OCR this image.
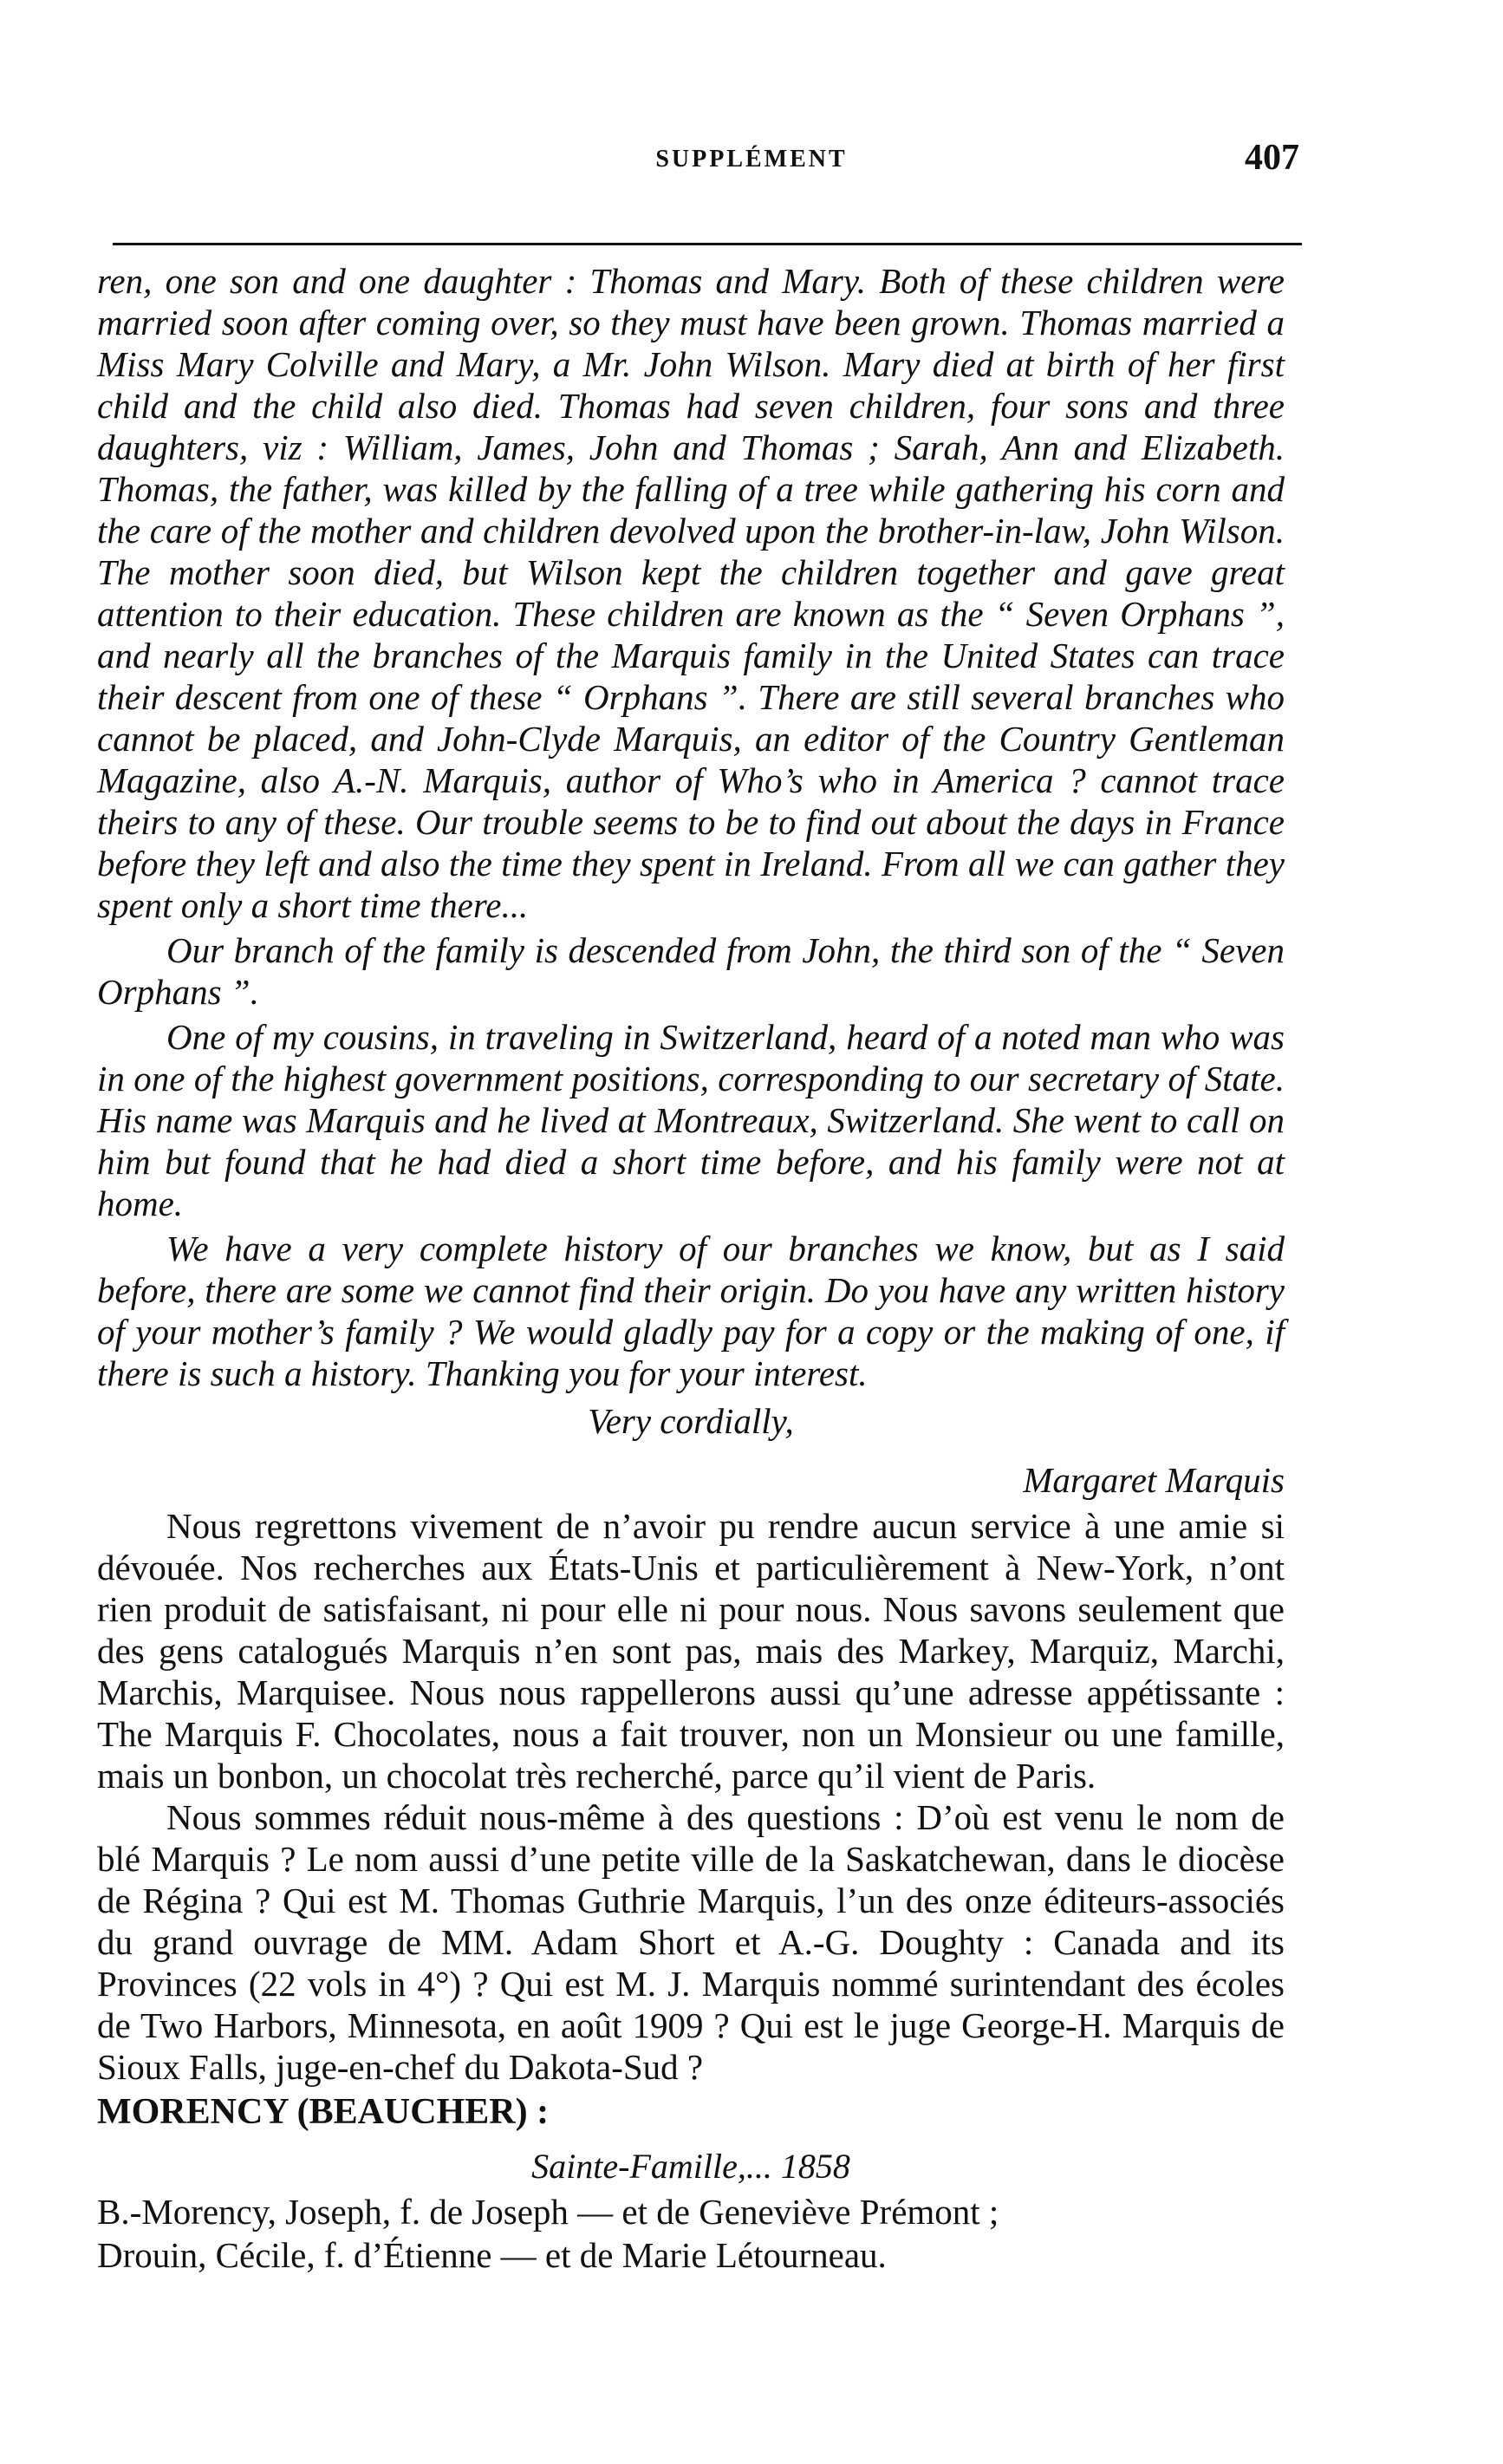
SUPPLÉMENT	407

ren, one son and one daughter : Thomas and Mary. Both of these children were married soon after coming over, so they must have been grown. Thomas married a Miss Mary Colville and Mary, a Mr. John Wilson. Mary died at birth of her first child and the child also died. Thomas had seven children, four sons and three daughters, viz : William, James, John and Thomas ; Sarah, Ann and Elizabeth. Thomas, the father, was killed by the falling of a tree while gathering his corn and the care of the mother and children devolved upon the brother-in-law, John Wilson. The mother soon died, but Wilson kept the children together and gave great attention to their education. These children are known as the “ Seven Orphans ”, and nearly all the branches of the Marquis family in the United States can trace their descent from one of these “ Orphans ”. There are still several branches who cannot be placed, and John-Clyde Marquis, an editor of the Country Gentleman Magazine, also A.-N. Marquis, author of Who’s who in America ? cannot trace theirs to any of these. Our trouble seems to be to find out about the days in France before they left and also the time they spent in Ireland. From all we can gather they spent only a short time there...

Our branch of the family is descended from John, the third son of the “ Seven Orphans ”.

One of my cousins, in traveling in Switzerland, heard of a noted man who was in one of the highest government positions, corresponding to our secretary of State. His name was Marquis and he lived at Montreaux, Switzerland. She went to call on him but found that he had died a short time before, and his family were not at home.

We have a very complete history of our branches we know, but as I said before, there are some we cannot find their origin. Do you have any written history of your mother’s family ? We would gladly pay for a copy or the making of one, if there is such a history. Thanking you for your interest.

Very cordially,
Margaret Marquis

Nous regrettons vivement de n’avoir pu rendre aucun service à une amie si dévouée. Nos recherches aux États-Unis et particulièrement à New-York, n’ont rien produit de satisfaisant, ni pour elle ni pour nous. Nous savons seulement que des gens catalogués Marquis n’en sont pas, mais des Markey, Marquiz, Marchi, Marchis, Marquisee. Nous nous rappellerons aussi qu’une adresse appétissante : The Marquis F. Chocolates, nous a fait trouver, non un Monsieur ou une famille, mais un bonbon, un chocolat très recherché, parce qu’il vient de Paris.

Nous sommes réduit nous-même à des questions : D’où est venu le nom de blé Marquis ? Le nom aussi d’une petite ville de la Saskatchewan, dans le diocèse de Régina ? Qui est M. Thomas Guthrie Marquis, l’un des onze éditeurs-associés du grand ouvrage de MM. Adam Short et A.-G. Doughty : Canada and its Provinces (22 vols in 4°) ? Qui est M. J. Marquis nommé surintendant des écoles de Two Harbors, Minnesota, en août 1909 ? Qui est le juge George-H. Marquis de Sioux Falls, juge-en-chef du Dakota-Sud ?

MORENCY (BEAUCHER) :
Sainte-Famille,... 1858
B.-Morency, Joseph, f. de Joseph — et de Geneviève Prémont ;
Drouin, Cécile, f. d’Étienne — et de Marie Létourneau.
